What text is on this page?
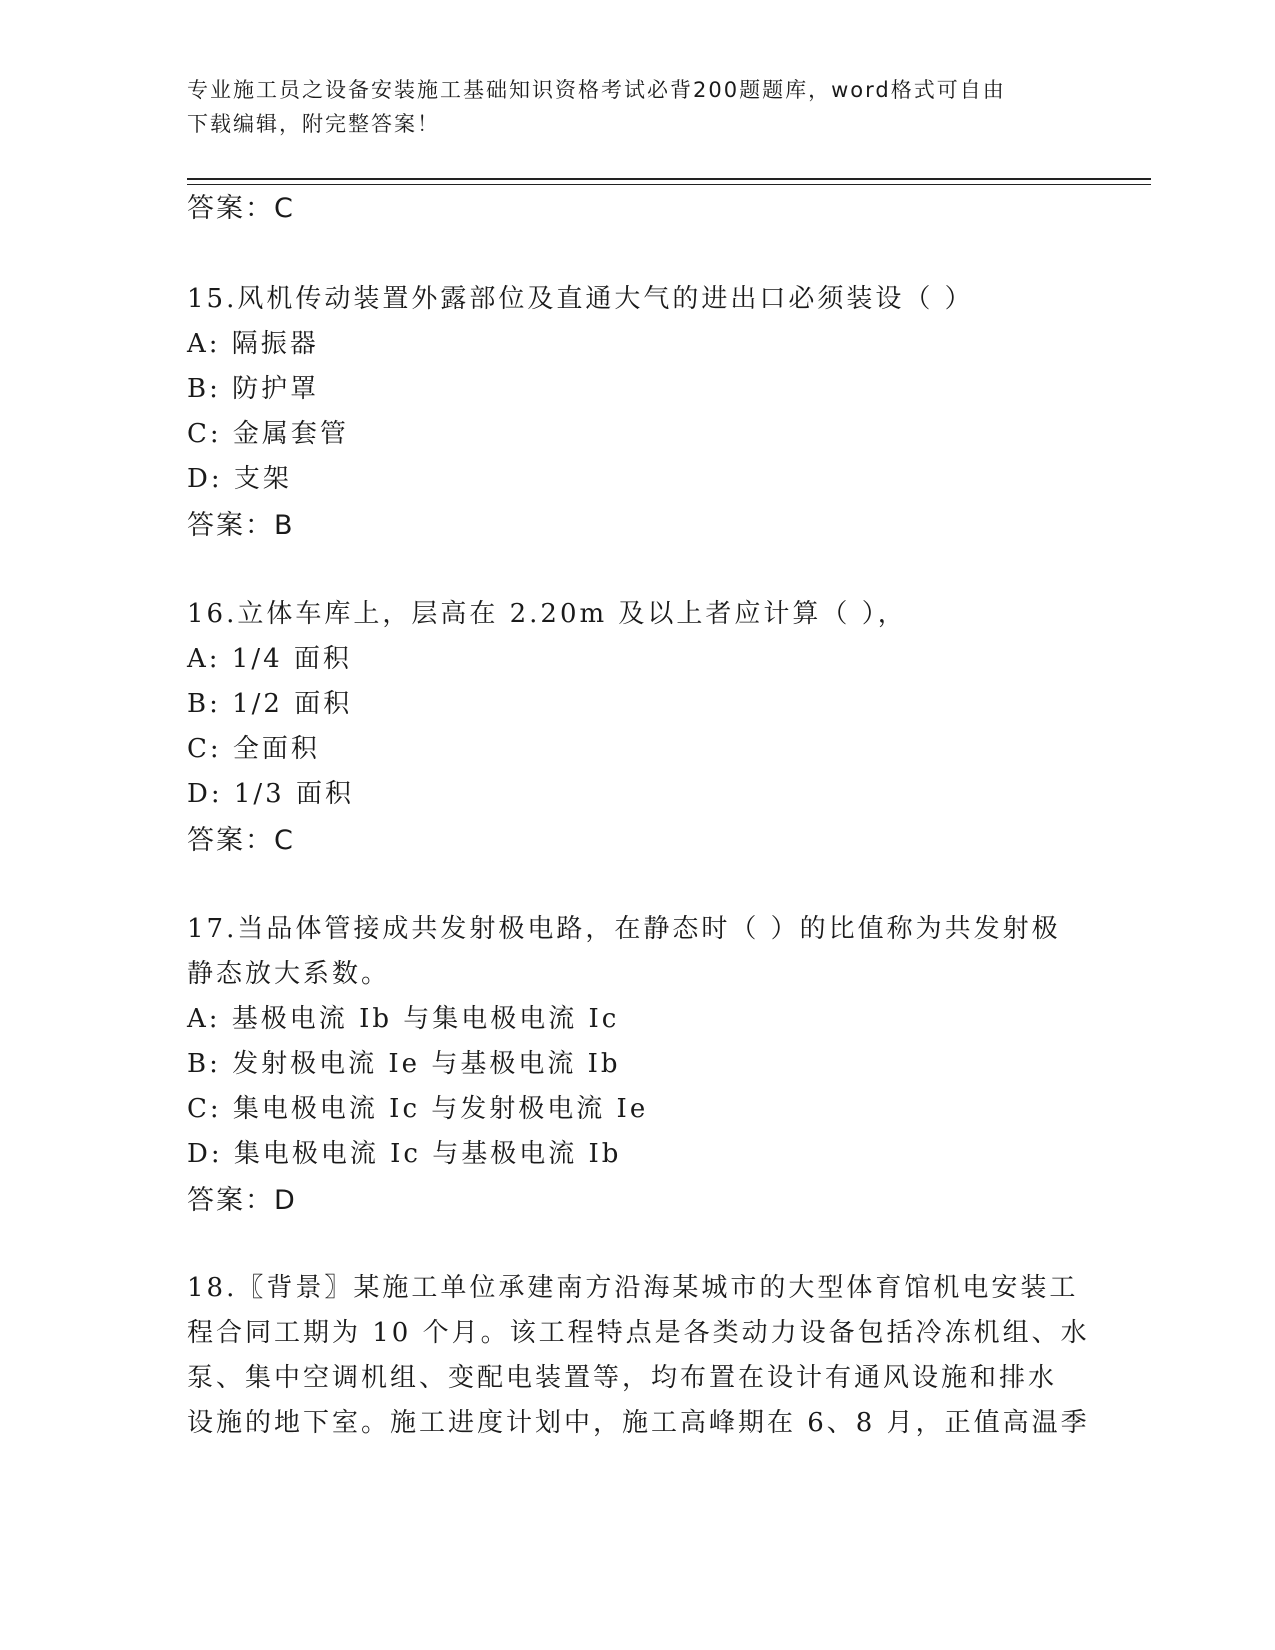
专业施工员之设备安装施工基础知识资格考试必背200题题库，word格式可自由
下载编辑，附完整答案！
答案：C
15.风机传动装置外露部位及直通大气的进出口必须装设（ ）
A: 隔振器
B: 防护罩
C: 金属套管
D: 支架
答案：B
16.立体车库上，层高在 2.20m 及以上者应计算（ ），
A: 1/4 面积
B: 1/2 面积
C: 全面积
D: 1/3 面积
答案：C
17.当品体管接成共发射极电路，在静态时（ ）的比值称为共发射极
静态放大系数。
A: 基极电流 Ib 与集电极电流 Ic
B: 发射极电流 Ie 与基极电流 Ib
C: 集电极电流 Ic 与发射极电流 Ie
D: 集电极电流 Ic 与基极电流 Ib
答案：D
18.〖背景〗某施工单位承建南方沿海某城市的大型体育馆机电安装工
程合同工期为 10 个月。该工程特点是各类动力设备包括冷冻机组、水
泵、集中空调机组、变配电装置等，均布置在设计有通风设施和排水
设施的地下室。施工进度计划中，施工高峰期在 6、8 月，正值高温季
